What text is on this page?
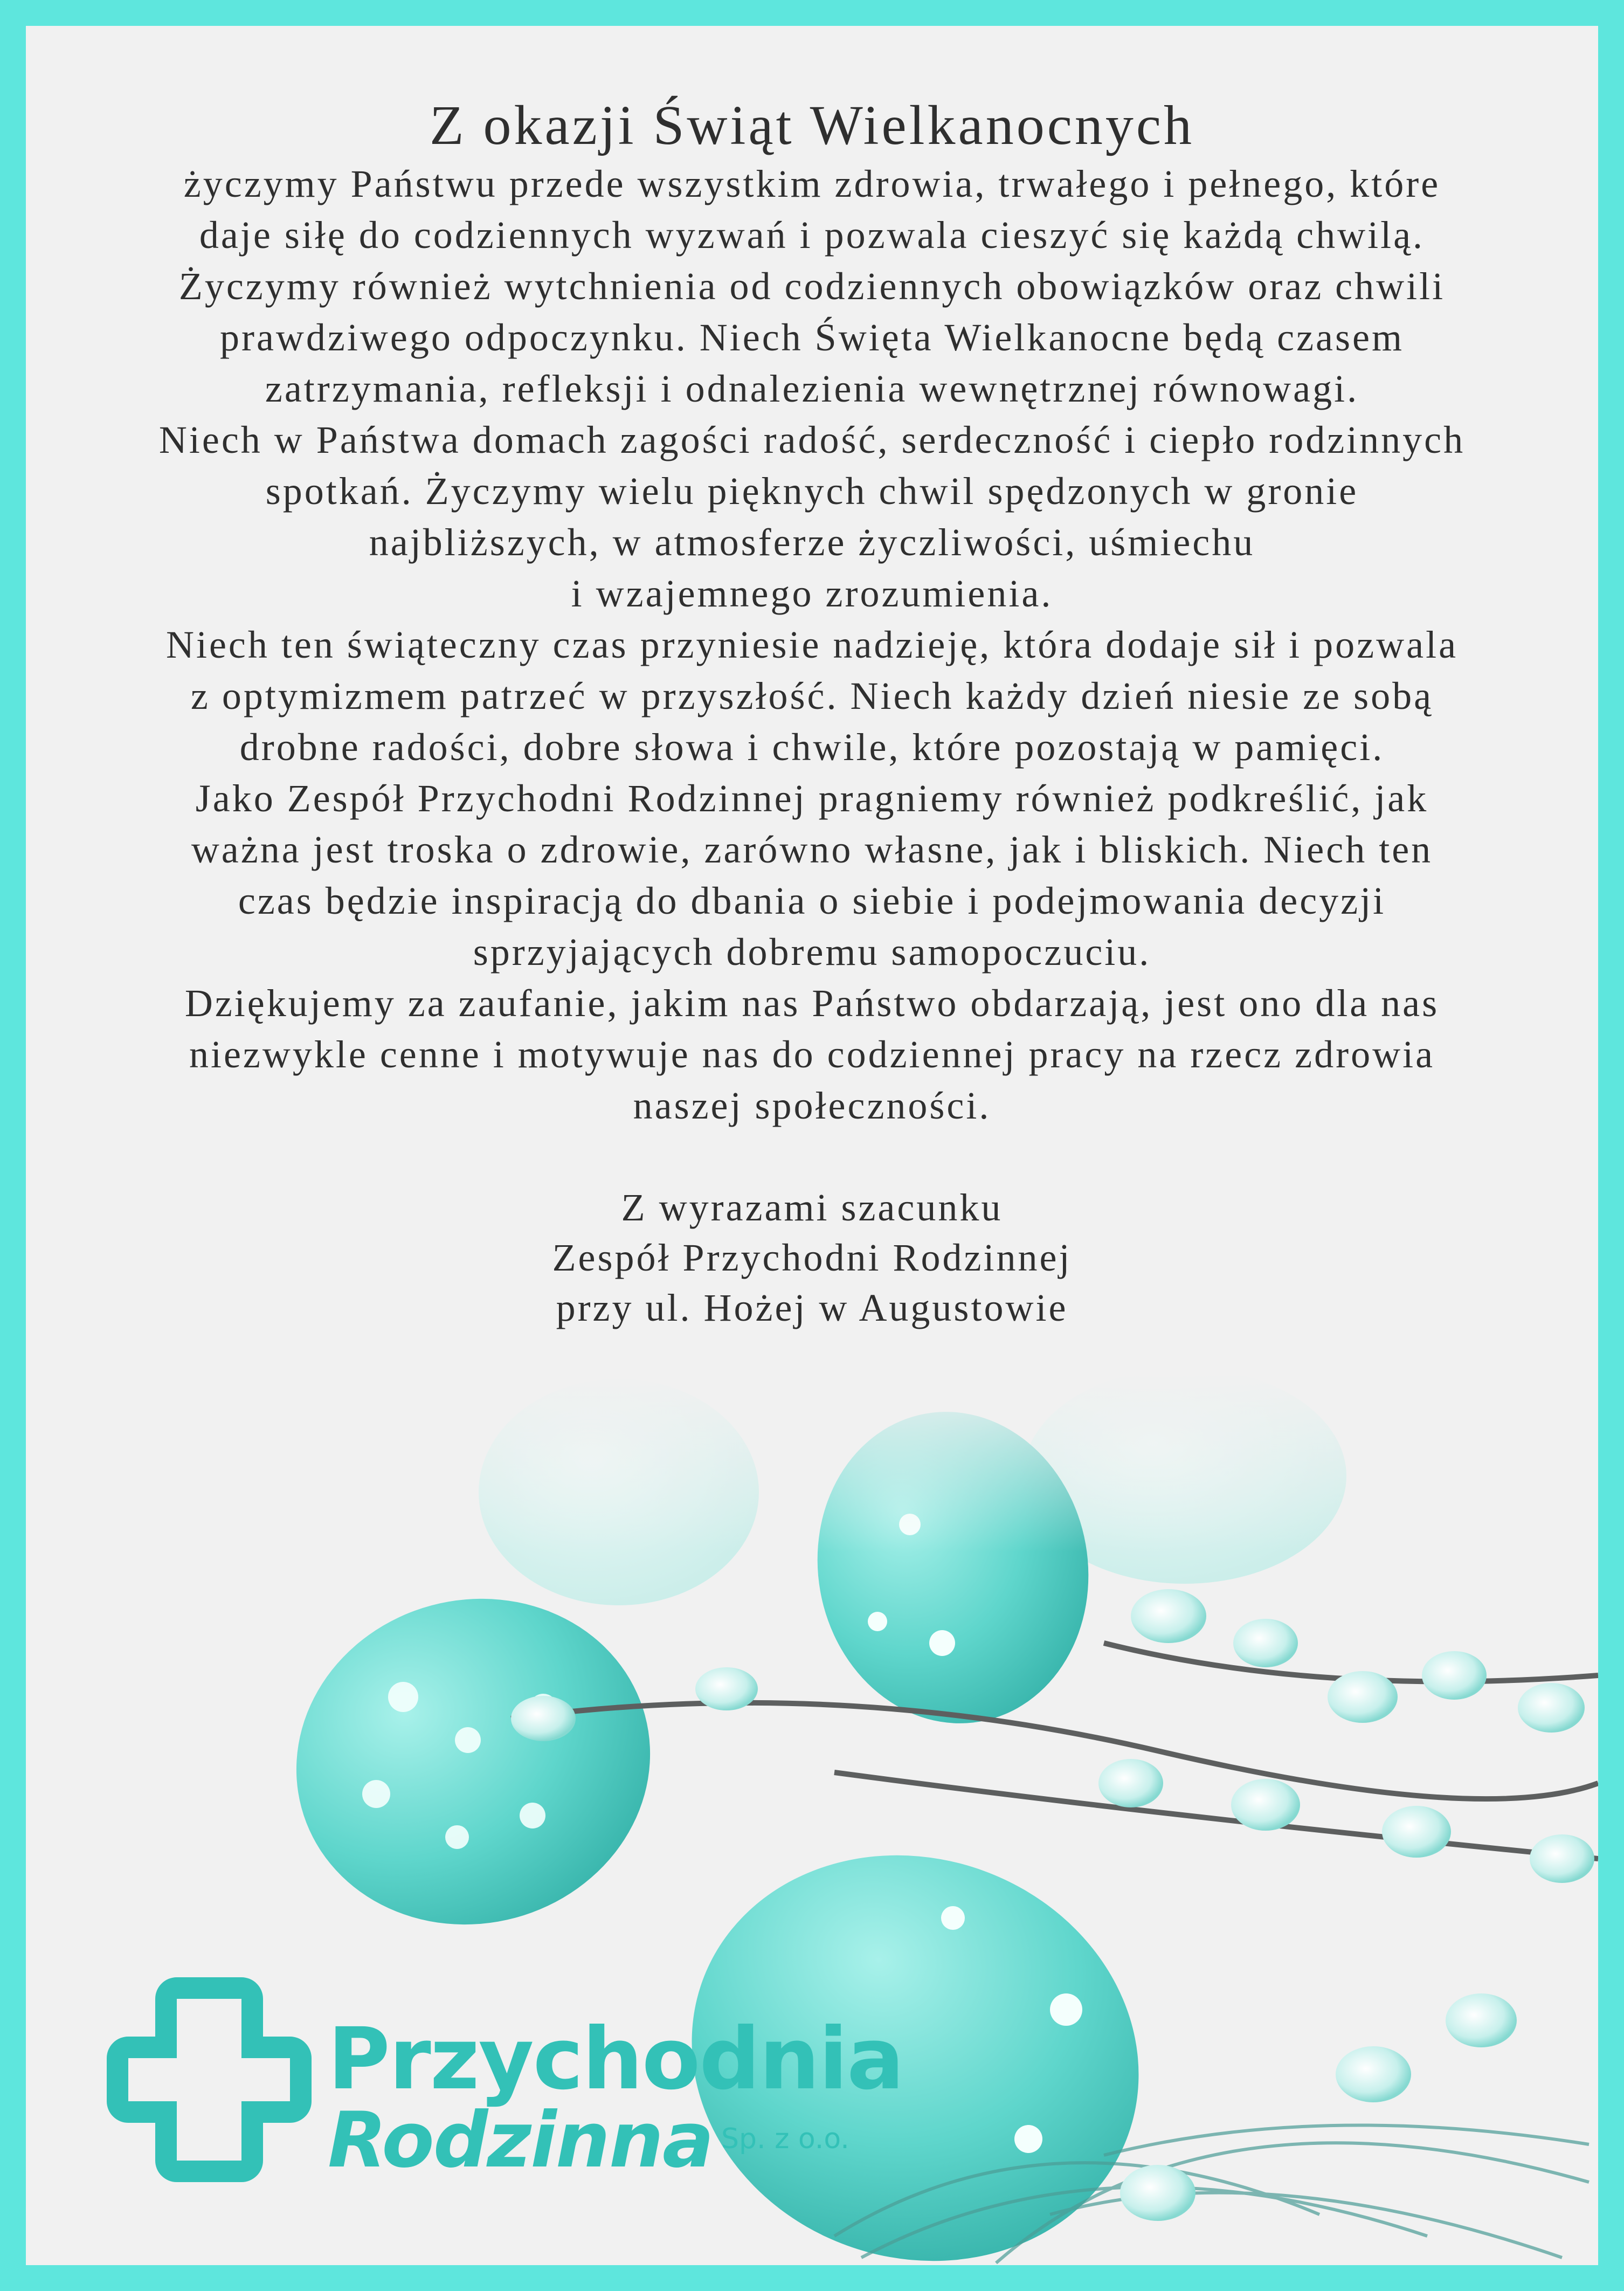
Z okazji Świąt Wielkanocnych
życzymy Państwu przede wszystkim zdrowia, trwałego i pełnego, które
daje siłę do codziennych wyzwań i pozwala cieszyć się każdą chwilą.
Życzymy również wytchnienia od codziennych obowiązków oraz chwili
prawdziwego odpoczynku. Niech Święta Wielkanocne będą czasem
zatrzymania, refleksji i odnalezienia wewnętrznej równowagi.
Niech w Państwa domach zagości radość, serdeczność i ciepło rodzinnych
spotkań. Życzymy wielu pięknych chwil spędzonych w gronie
najbliższych, w atmosferze życzliwości, uśmiechu
i wzajemnego zrozumienia.
Niech ten świąteczny czas przyniesie nadzieję, która dodaje sił i pozwala
z optymizmem patrzeć w przyszłość. Niech każdy dzień niesie ze sobą
drobne radości, dobre słowa i chwile, które pozostają w pamięci.
Jako Zespół Przychodni Rodzinnej pragniemy również podkreślić, jak
ważna jest troska o zdrowie, zarówno własne, jak i bliskich. Niech ten
czas będzie inspiracją do dbania o siebie i podejmowania decyzji
sprzyjających dobremu samopoczuciu.
Dziękujemy za zaufanie, jakim nas Państwo obdarzają, jest ono dla nas
niezwykle cenne i motywuje nas do codziennej pracy na rzecz zdrowia
naszej społeczności.
Z wyrazami szacunku
Zespół Przychodni Rodzinnej
przy ul. Hożej w Augustowie
Przychodnia
Rodzinna Sp. z o.o.
